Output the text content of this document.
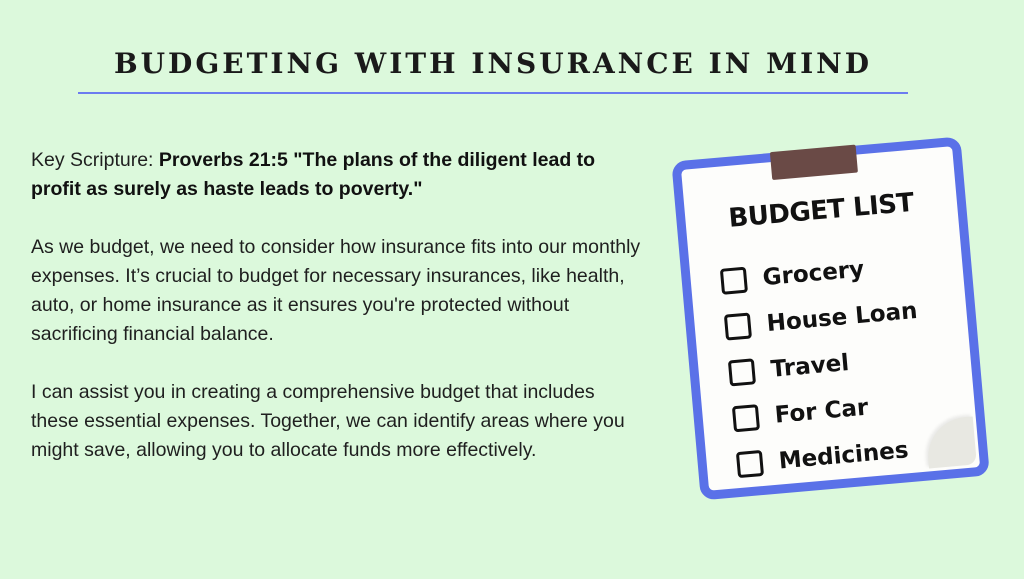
BUDGETING WITH INSURANCE IN MIND

Key Scripture: Proverbs 21:5 "The plans of the diligent lead to profit as surely as haste leads to poverty."

As we budget, we need to consider how insurance fits into our monthly expenses. It’s crucial to budget for necessary insurances, like health, auto, or home insurance as it ensures you're protected without sacrificing financial balance.

I can assist you in creating a comprehensive budget that includes these essential expenses. Together, we can identify areas where you might save, allowing you to allocate funds more effectively.

BUDGET LIST
Grocery
House Loan
Travel
For Car
Medicines
